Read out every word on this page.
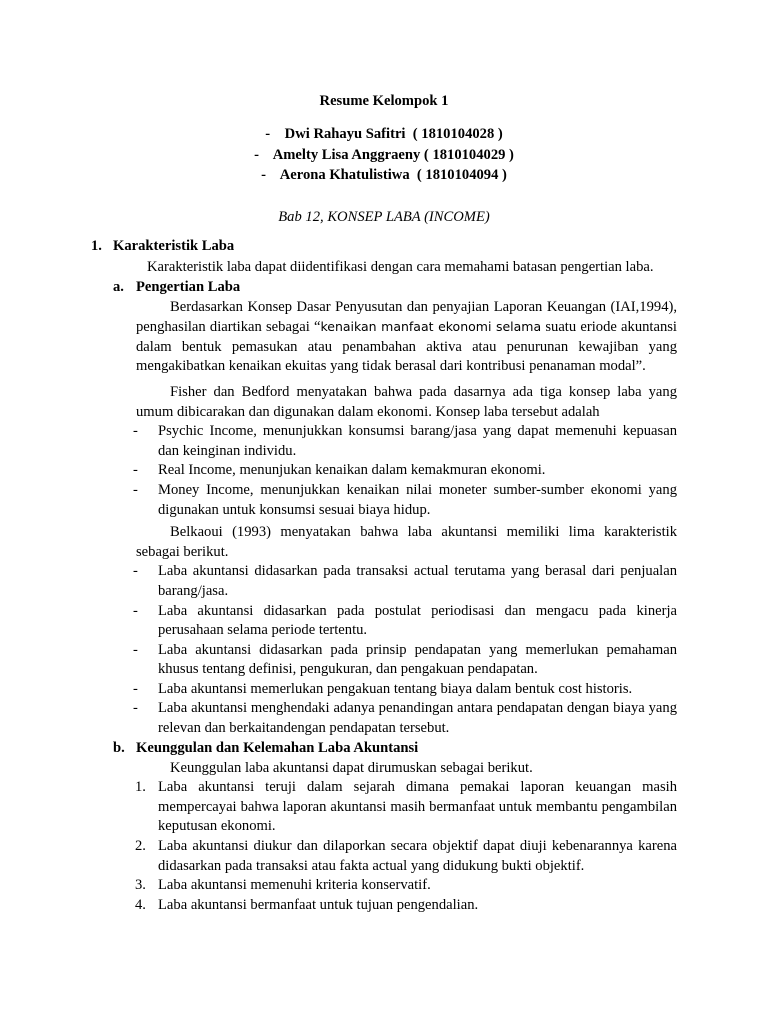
Resume Kelompok 1
-    Dwi Rahayu Safitri  ( 1810104028 )
-    Amelty Lisa Anggraeny ( 1810104029 )
-    Aerona Khatulistiwa  ( 1810104094 )
Bab 12, KONSEP LABA (INCOME)
1. Karakteristik Laba
Karakteristik laba dapat diidentifikasi dengan cara memahami batasan pengertian laba.
a. Pengertian Laba
Berdasarkan Konsep Dasar Penyusutan dan penyajian Laporan Keuangan (IAI,1994), penghasilan diartikan sebagai “kenaikan manfaat ekonomi selama suatu eriode akuntansi dalam bentuk pemasukan atau penambahan aktiva atau penurunan kewajiban yang mengakibatkan kenaikan ekuitas yang tidak berasal dari kontribusi penanaman modal”.
Fisher dan Bedford menyatakan bahwa pada dasarnya ada tiga konsep laba yang umum dibicarakan dan digunakan dalam ekonomi. Konsep laba tersebut adalah
- Psychic Income, menunjukkan konsumsi barang/jasa yang dapat memenuhi kepuasan dan keinginan individu.
- Real Income, menunjukan kenaikan dalam kemakmuran ekonomi.
- Money Income, menunjukkan kenaikan nilai moneter sumber-sumber ekonomi yang digunakan untuk konsumsi sesuai biaya hidup.
Belkaoui (1993) menyatakan bahwa laba akuntansi memiliki lima karakteristik sebagai berikut.
- Laba akuntansi didasarkan pada transaksi actual terutama yang berasal dari penjualan barang/jasa.
- Laba akuntansi didasarkan pada postulat periodisasi dan mengacu pada kinerja perusahaan selama periode tertentu.
- Laba akuntansi didasarkan pada prinsip pendapatan yang memerlukan pemahaman khusus tentang definisi, pengukuran, dan pengakuan pendapatan.
- Laba akuntansi memerlukan pengakuan tentang biaya dalam bentuk cost historis.
- Laba akuntansi menghendaki adanya penandingan antara pendapatan dengan biaya yang relevan dan berkaitandengan pendapatan tersebut.
b. Keunggulan dan Kelemahan Laba Akuntansi
Keunggulan laba akuntansi dapat dirumuskan sebagai berikut.
1. Laba akuntansi teruji dalam sejarah dimana pemakai laporan keuangan masih mempercayai bahwa laporan akuntansi masih bermanfaat untuk membantu pengambilan keputusan ekonomi.
2. Laba akuntansi diukur dan dilaporkan secara objektif dapat diuji kebenarannya karena didasarkan pada transaksi atau fakta actual yang didukung bukti objektif.
3. Laba akuntansi memenuhi kriteria konservatif.
4. Laba akuntansi bermanfaat untuk tujuan pengendalian.
